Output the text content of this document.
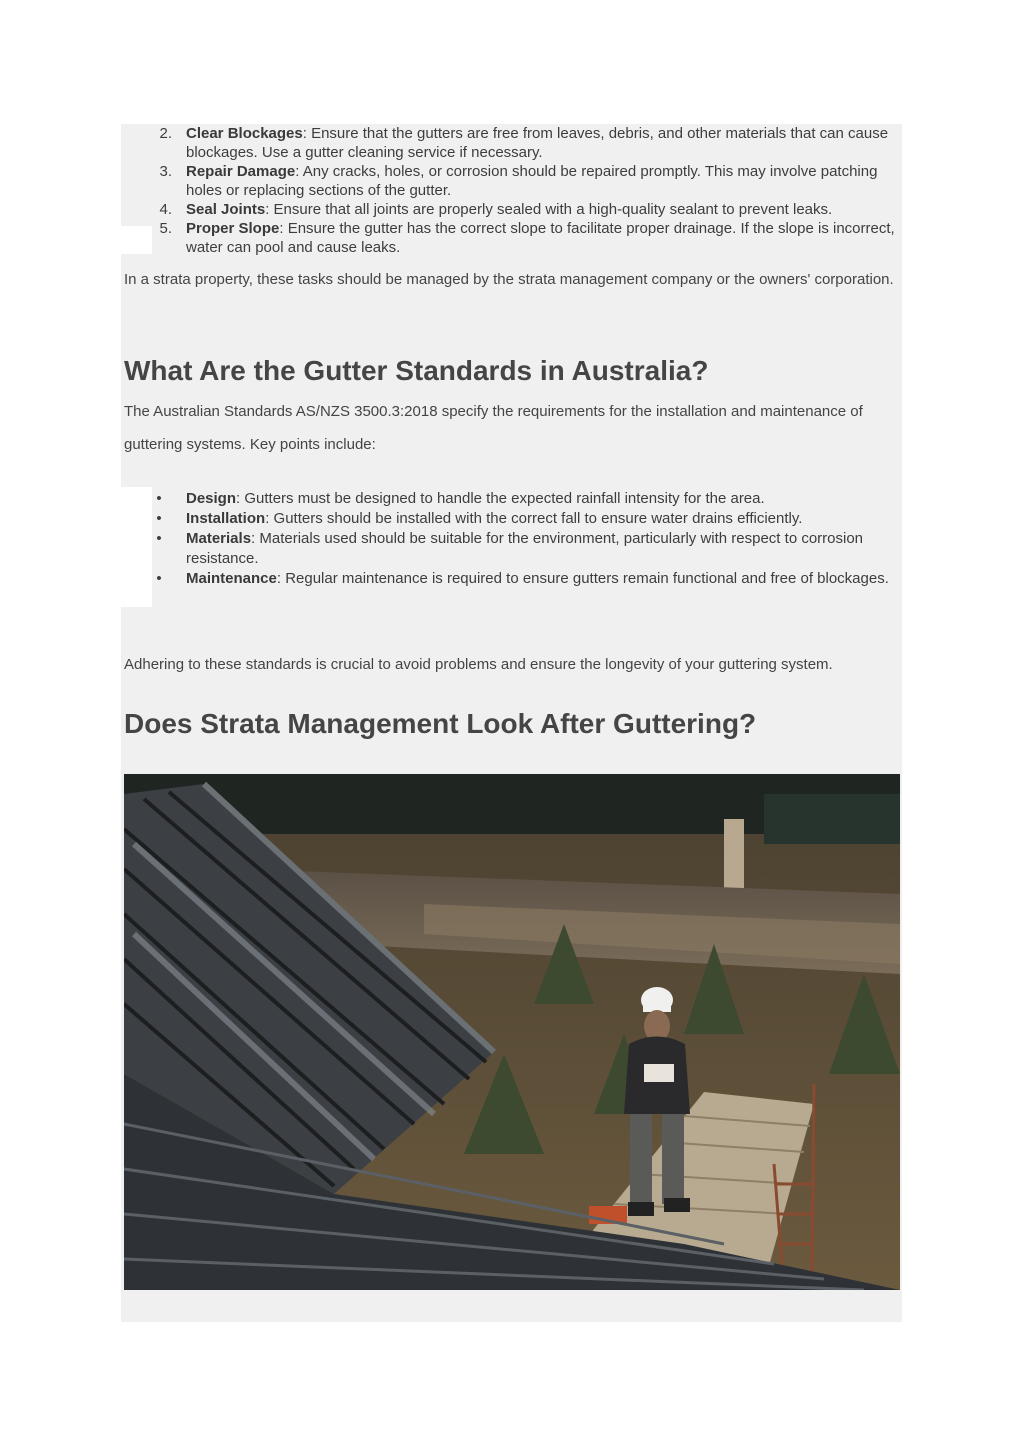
2. Clear Blockages: Ensure that the gutters are free from leaves, debris, and other materials that can cause blockages. Use a gutter cleaning service if necessary.
3. Repair Damage: Any cracks, holes, or corrosion should be repaired promptly. This may involve patching holes or replacing sections of the gutter.
4. Seal Joints: Ensure that all joints are properly sealed with a high-quality sealant to prevent leaks.
5. Proper Slope: Ensure the gutter has the correct slope to facilitate proper drainage. If the slope is incorrect, water can pool and cause leaks.

In a strata property, these tasks should be managed by the strata management company or the owners' corporation.

What Are the Gutter Standards in Australia?

The Australian Standards AS/NZS 3500.3:2018 specify the requirements for the installation and maintenance of guttering systems. Key points include:

• Design: Gutters must be designed to handle the expected rainfall intensity for the area.
• Installation: Gutters should be installed with the correct fall to ensure water drains efficiently.
• Materials: Materials used should be suitable for the environment, particularly with respect to corrosion resistance.
• Maintenance: Regular maintenance is required to ensure gutters remain functional and free of blockages.

Adhering to these standards is crucial to avoid problems and ensure the longevity of your guttering system.

Does Strata Management Look After Guttering?
